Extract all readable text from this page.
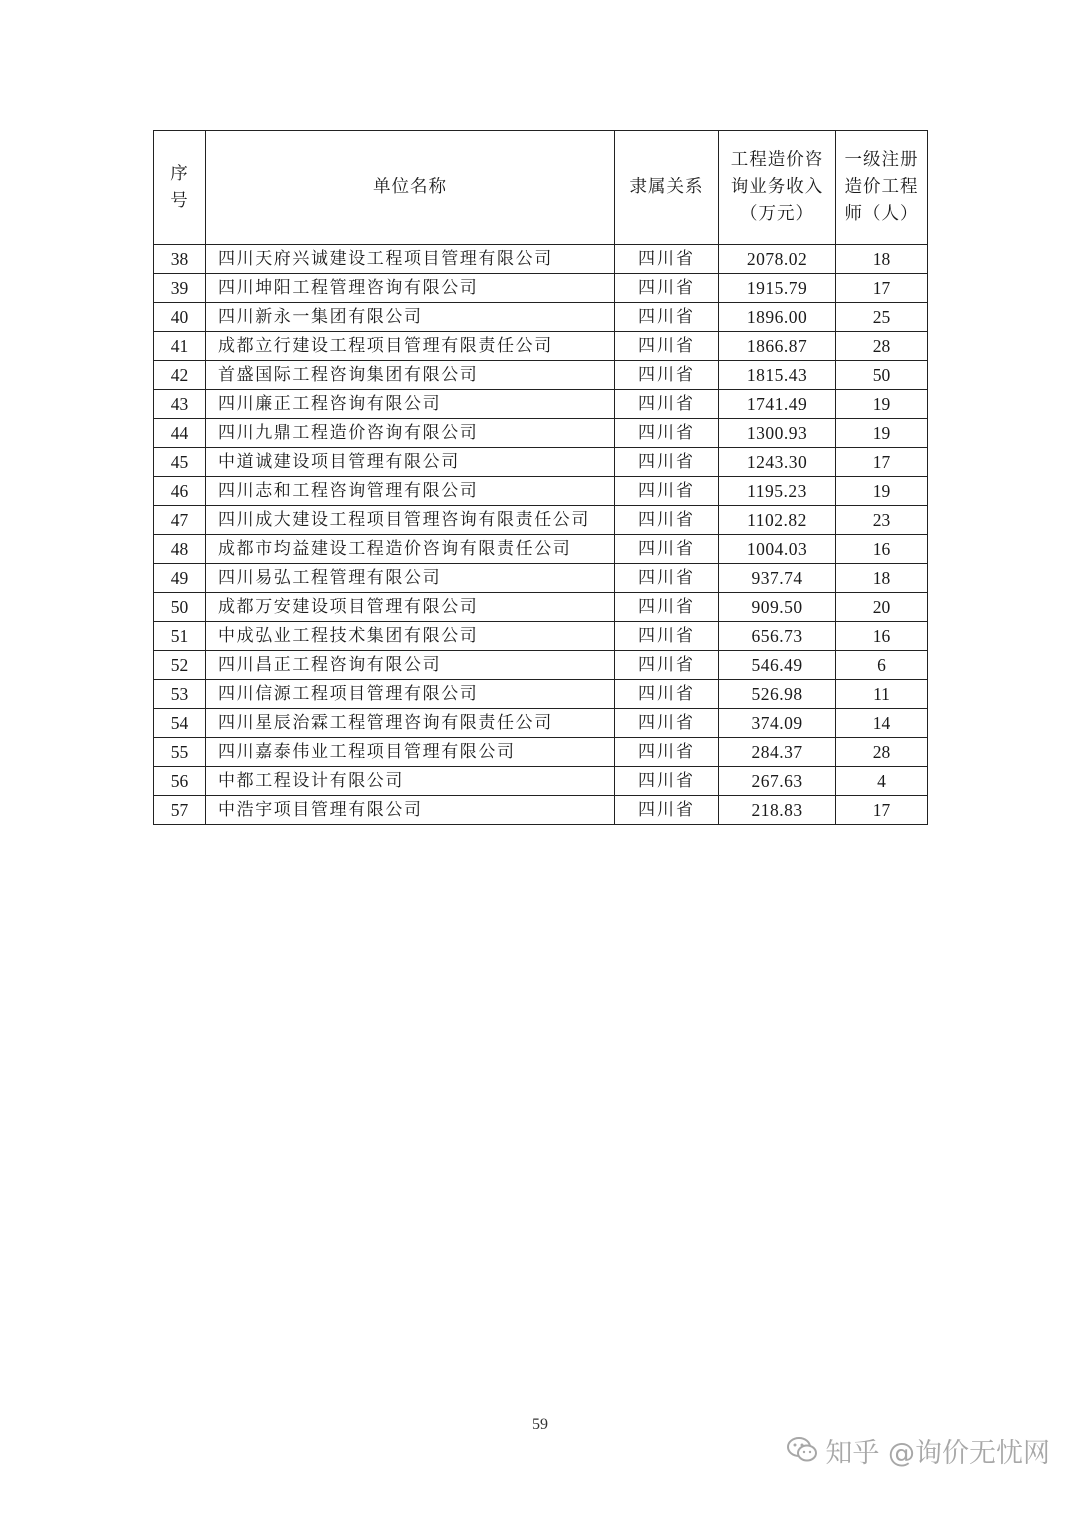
序号	单位名称	隶属关系	工程造价咨询业务收入（万元）	一级注册造价工程师（人）
38	四川天府兴诚建设工程项目管理有限公司	四川省	2078.02	18
39	四川坤阳工程管理咨询有限公司	四川省	1915.79	17
40	四川新永一集团有限公司	四川省	1896.00	25
41	成都立行建设工程项目管理有限责任公司	四川省	1866.87	28
42	首盛国际工程咨询集团有限公司	四川省	1815.43	50
43	四川廉正工程咨询有限公司	四川省	1741.49	19
44	四川九鼎工程造价咨询有限公司	四川省	1300.93	19
45	中道诚建设项目管理有限公司	四川省	1243.30	17
46	四川志和工程咨询管理有限公司	四川省	1195.23	19
47	四川成大建设工程项目管理咨询有限责任公司	四川省	1102.82	23
48	成都市均益建设工程造价咨询有限责任公司	四川省	1004.03	16
49	四川易弘工程管理有限公司	四川省	937.74	18
50	成都万安建设项目管理有限公司	四川省	909.50	20
51	中成弘业工程技术集团有限公司	四川省	656.73	16
52	四川昌正工程咨询有限公司	四川省	546.49	6
53	四川信源工程项目管理有限公司	四川省	526.98	11
54	四川星辰治霖工程管理咨询有限责任公司	四川省	374.09	14
55	四川嘉泰伟业工程项目管理有限公司	四川省	284.37	28
56	中都工程设计有限公司	四川省	267.63	4
57	中浩宇项目管理有限公司	四川省	218.83	17
59
知乎 @询价无忧网
